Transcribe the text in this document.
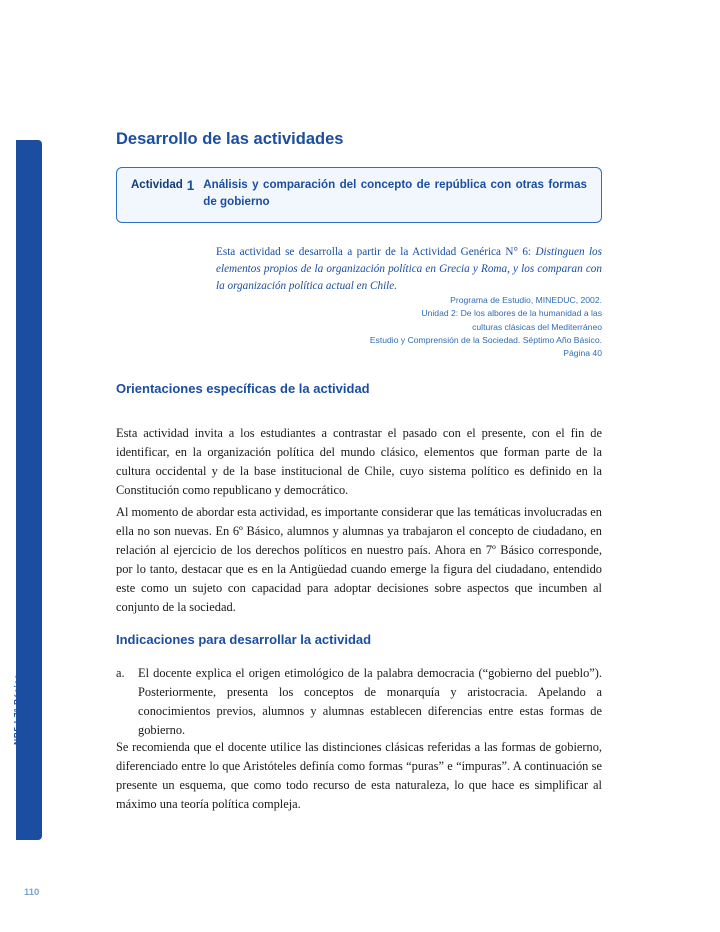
NB5 | 7° Básico
Desarrollo de las actividades
Actividad 1 Análisis y comparación del concepto de república con otras formas de gobierno

Esta actividad se desarrolla a partir de la Actividad Genérica N° 6: Distinguen los elementos propios de la organización política en Grecia y Roma, y los comparan con la organización política actual en Chile.

Programa de Estudio, MINEDUC, 2002.
Unidad 2: De los albores de la humanidad a las
culturas clásicas del Mediterráneo
Estudio y Comprensión de la Sociedad. Séptimo Año Básico.
Página 40
Orientaciones específicas de la actividad

Esta actividad invita a los estudiantes a contrastar el pasado con el presente, con el fin de identificar, en la organización política del mundo clásico, elementos que forman parte de la cultura occidental y de la base institucional de Chile, cuyo sistema político es definido en la Constitución como republicano y democrático.

Al momento de abordar esta actividad, es importante considerar que las temáticas involucradas en ella no son nuevas. En 6º Básico, alumnos y alumnas ya trabajaron el concepto de ciudadano, en relación al ejercicio de los derechos políticos en nuestro país. Ahora en 7º Básico corresponde, por lo tanto, destacar que es en la Antigüedad cuando emerge la figura del ciudadano, entendido este como un sujeto con capacidad para adoptar decisiones sobre aspectos que incumben al conjunto de la sociedad.

Indicaciones para desarrollar la actividad
a.	El docente explica el origen etimológico de la palabra democracia (“gobierno del pueblo”). Posteriormente, presenta los conceptos de monarquía y aristocracia. Apelando a conocimientos previos, alumnos y alumnas establecen diferencias entre estas formas de gobierno.

Se recomienda que el docente utilice las distinciones clásicas referidas a las formas de gobierno, diferenciado entre lo que Aristóteles definía como formas “puras” e “impuras”. A continuación se presente un esquema, que como todo recurso de esta naturaleza, lo que hace es simplificar al máximo una teoría política compleja.

110
